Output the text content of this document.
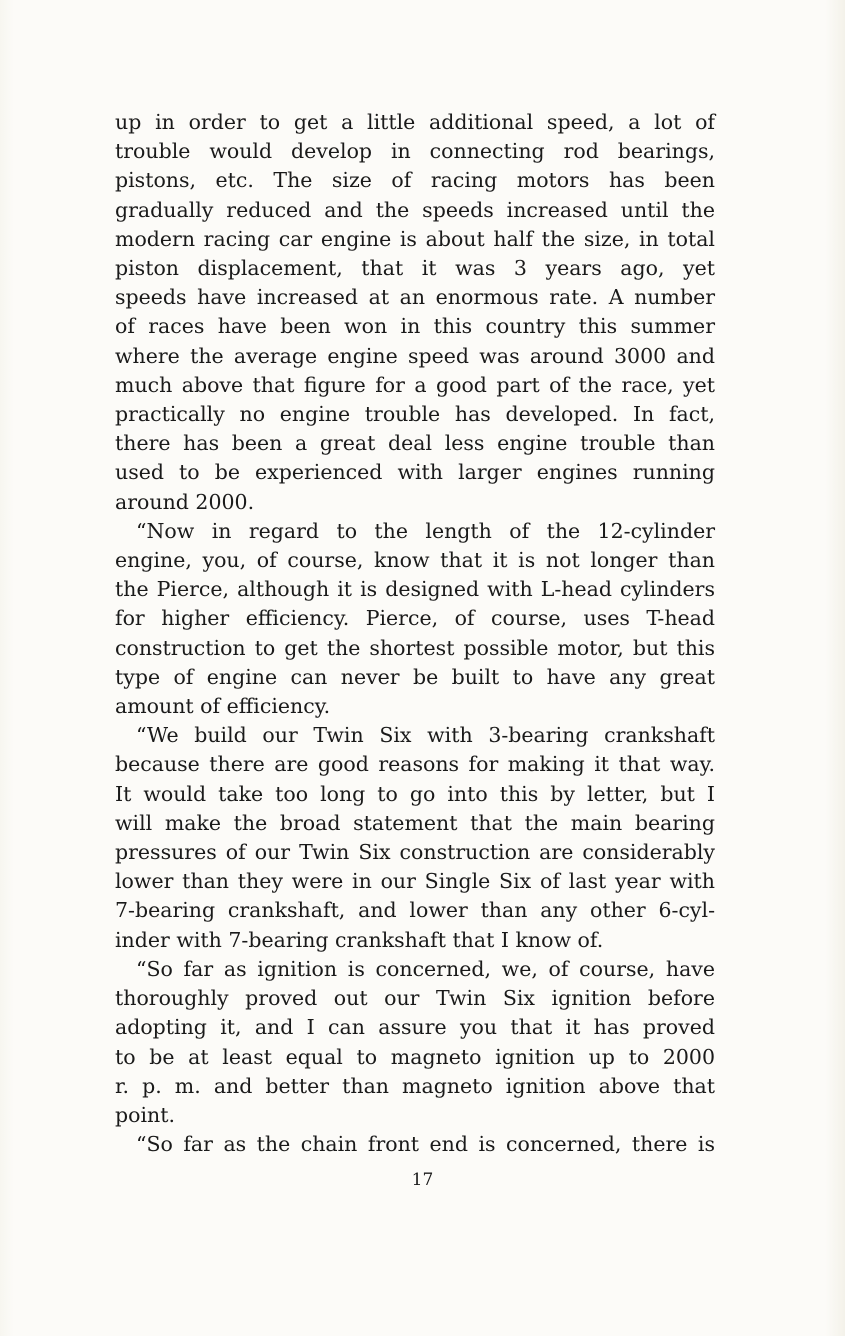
up in order to get a little additional speed, a lot of
trouble would develop in connecting rod bearings,
pistons, etc. The size of racing motors has been
gradually reduced and the speeds increased until the
modern racing car engine is about half the size, in total
piston displacement, that it was 3 years ago, yet
speeds have increased at an enormous rate. A number
of races have been won in this country this summer
where the average engine speed was around 3000 and
much above that figure for a good part of the race, yet
practically no engine trouble has developed. In fact,
there has been a great deal less engine trouble than
used to be experienced with larger engines running
around 2000.

“Now in regard to the length of the 12-cylinder
engine, you, of course, know that it is not longer than
the Pierce, although it is designed with L-head cylinders
for higher efficiency. Pierce, of course, uses T-head
construction to get the shortest possible motor, but this
type of engine can never be built to have any great
amount of efficiency.

“We build our Twin Six with 3-bearing crankshaft
because there are good reasons for making it that way.
It would take too long to go into this by letter, but I
will make the broad statement that the main bearing
pressures of our Twin Six construction are considerably
lower than they were in our Single Six of last year with
7-bearing crankshaft, and lower than any other 6-cyl-
inder with 7-bearing crankshaft that I know of.

“So far as ignition is concerned, we, of course, have
thoroughly proved out our Twin Six ignition before
adopting it, and I can assure you that it has proved
to be at least equal to magneto ignition up to 2000
r. p. m. and better than magneto ignition above that
point.

“So far as the chain front end is concerned, there is

17
